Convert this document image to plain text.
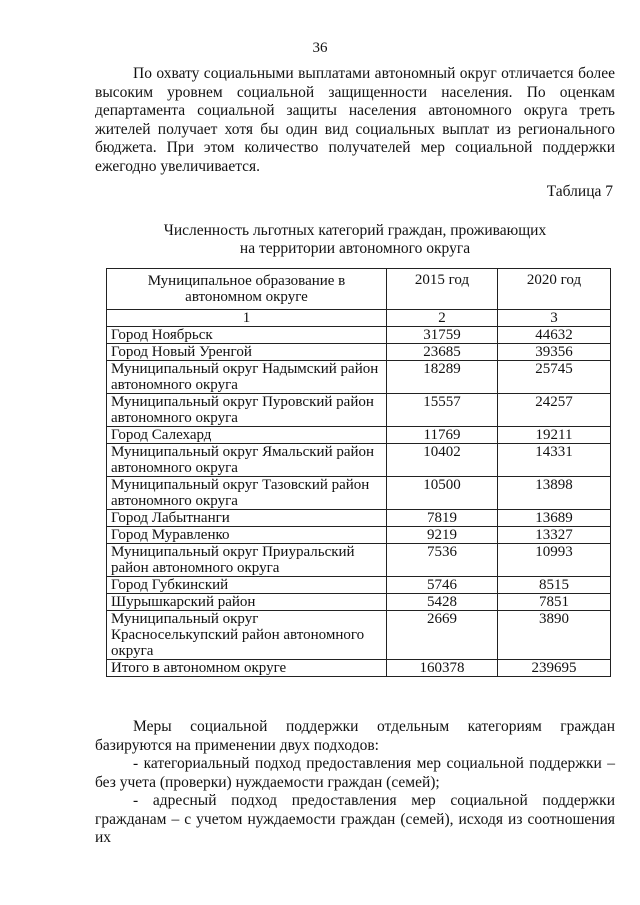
36

По охвату социальными выплатами автономный округ отличается более высоким уровнем социальной защищенности населения. По оценкам департамента социальной защиты населения автономного округа треть жителей получает хотя бы один вид социальных выплат из регионального бюджета. При этом количество получателей мер социальной поддержки ежегодно увеличивается.

Таблица 7
Численность льготных категорий граждан, проживающих
на территории автономного округа
Муниципальное образование в автономном округе	2015 год	2020 год
1	2	3
Город Ноябрьск	31759	44632
Город Новый Уренгой	23685	39356
Муниципальный округ Надымский район автономного округа	18289	25745
Муниципальный округ Пуровский район автономного округа	15557	24257
Город Салехард	11769	19211
Муниципальный округ Ямальский район автономного округа	10402	14331
Муниципальный округ Тазовский район автономного округа	10500	13898
Город Лабытнанги	7819	13689
Город Муравленко	9219	13327
Муниципальный округ Приуральский район автономного округа	7536	10993
Город Губкинский	5746	8515
Шурышкарский район	5428	7851
Муниципальный округ Красноселькупский район автономного округа	2669	3890
Итого в автономном округе	160378	239695
Меры социальной поддержки отдельным категориям граждан базируются на применении двух подходов:
- категориальный подход предоставления мер социальной поддержки – без учета (проверки) нуждаемости граждан (семей);
- адресный подход предоставления мер социальной поддержки гражданам – с учетом нуждаемости граждан (семей), исходя из соотношения их
